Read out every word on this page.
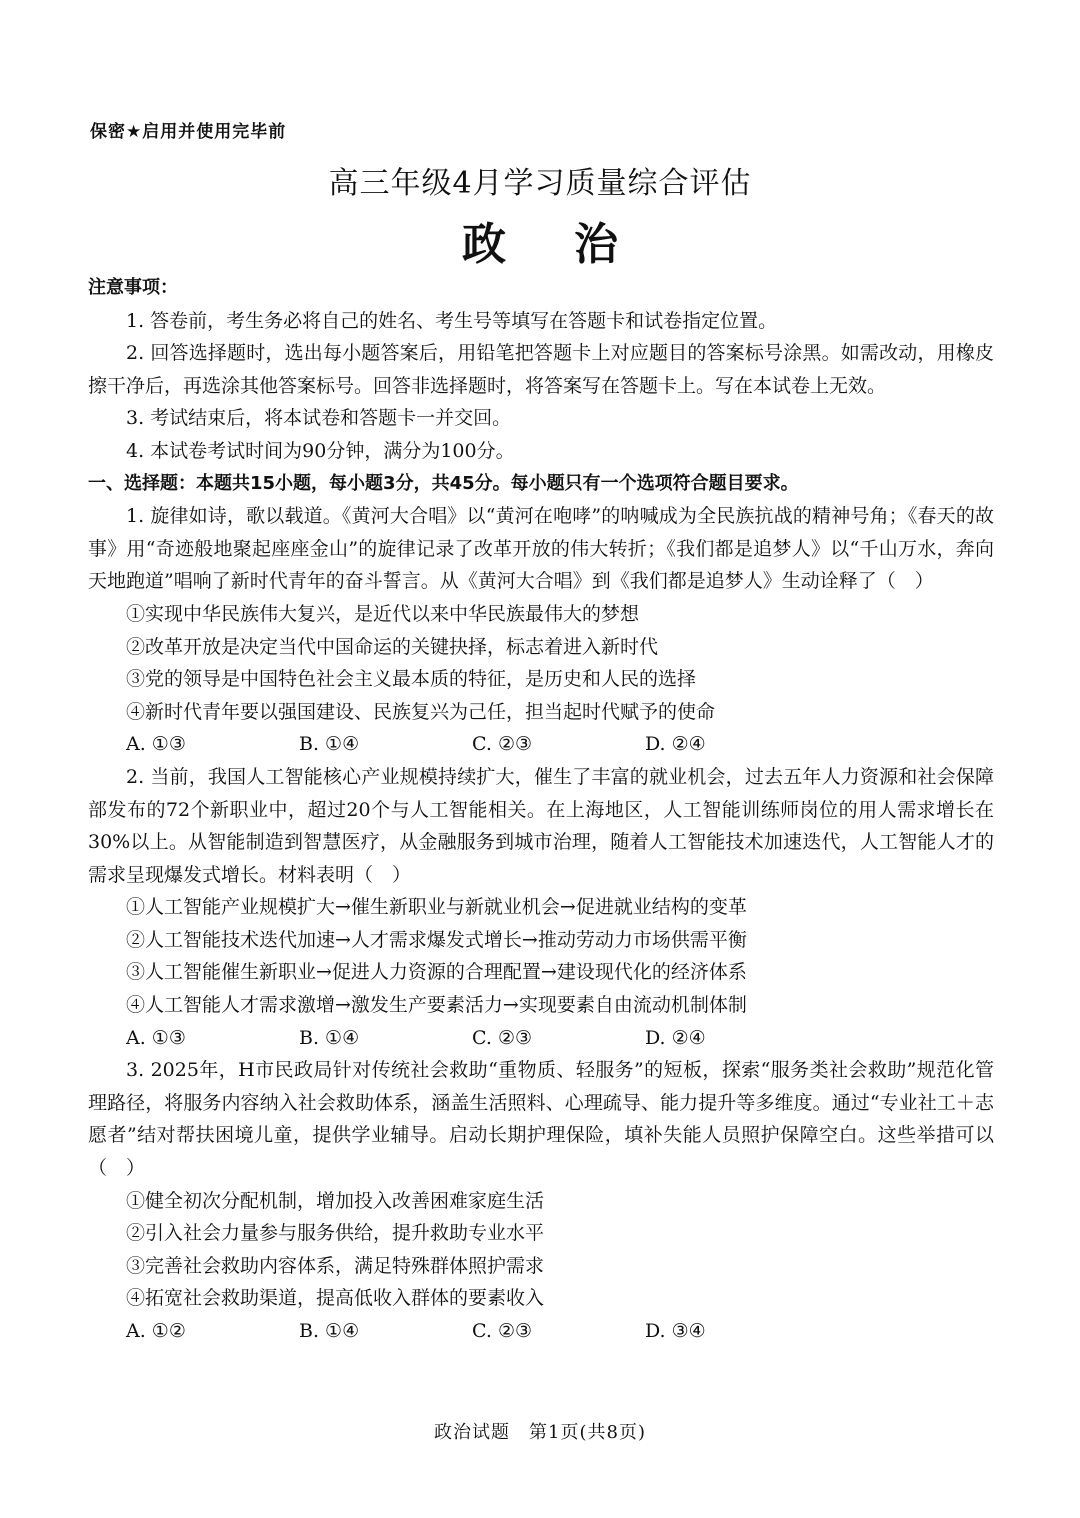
保密★启用并使用完毕前
高三年级4月学习质量综合评估
政 治
注意事项：

1. 答卷前，考生务必将自己的姓名、考生号等填写在答题卡和试卷指定位置。

2. 回答选择题时，选出每小题答案后，用铅笔把答题卡上对应题目的答案标号涂黑。如需改动，用橡皮擦干净后，再选涂其他答案标号。回答非选择题时，将答案写在答题卡上。写在本试卷上无效。

3. 考试结束后，将本试卷和答题卡一并交回。

4. 本试卷考试时间为90分钟，满分为100分。

一、选择题：本题共15小题，每小题3分，共45分。每小题只有一个选项符合题目要求。

1. 旋律如诗，歌以载道。《黄河大合唱》以“黄河在咆哮”的呐喊成为全民族抗战的精神号角；《春天的故事》用“奇迹般地聚起座座金山”的旋律记录了改革开放的伟大转折；《我们都是追梦人》以“千山万水，奔向天地跑道”唱响了新时代青年的奋斗誓言。从《黄河大合唱》到《我们都是追梦人》生动诠释了（　）

①实现中华民族伟大复兴，是近代以来中华民族最伟大的梦想

②改革开放是决定当代中国命运的关键抉择，标志着进入新时代

③党的领导是中国特色社会主义最本质的特征，是历史和人民的选择

④新时代青年要以强国建设、民族复兴为己任，担当起时代赋予的使命

A. ①③	B. ①④	C. ②③	D. ②④

2. 当前，我国人工智能核心产业规模持续扩大，催生了丰富的就业机会，过去五年人力资源和社会保障部发布的72个新职业中，超过20个与人工智能相关。在上海地区，人工智能训练师岗位的用人需求增长在30%以上。从智能制造到智慧医疗，从金融服务到城市治理，随着人工智能技术加速迭代，人工智能人才的需求呈现爆发式增长。材料表明（　）

①人工智能产业规模扩大→催生新职业与新就业机会→促进就业结构的变革

②人工智能技术迭代加速→人才需求爆发式增长→推动劳动力市场供需平衡

③人工智能催生新职业→促进人力资源的合理配置→建设现代化的经济体系

④人工智能人才需求激增→激发生产要素活力→实现要素自由流动机制体制

A. ①③	B. ①④	C. ②③	D. ②④

3. 2025年，H市民政局针对传统社会救助“重物质、轻服务”的短板，探索“服务类社会救助”规范化管理路径，将服务内容纳入社会救助体系，涵盖生活照料、心理疏导、能力提升等多维度。通过“专业社工＋志愿者”结对帮扶困境儿童，提供学业辅导。启动长期护理保险，填补失能人员照护保障空白。这些举措可以（　）

①健全初次分配机制，增加投入改善困难家庭生活

②引入社会力量参与服务供给，提升救助专业水平

③完善社会救助内容体系，满足特殊群体照护需求

④拓宽社会救助渠道，提高低收入群体的要素收入

A. ①②	B. ①④	C. ②③	D. ③④
政治试题　第1页(共8页)
